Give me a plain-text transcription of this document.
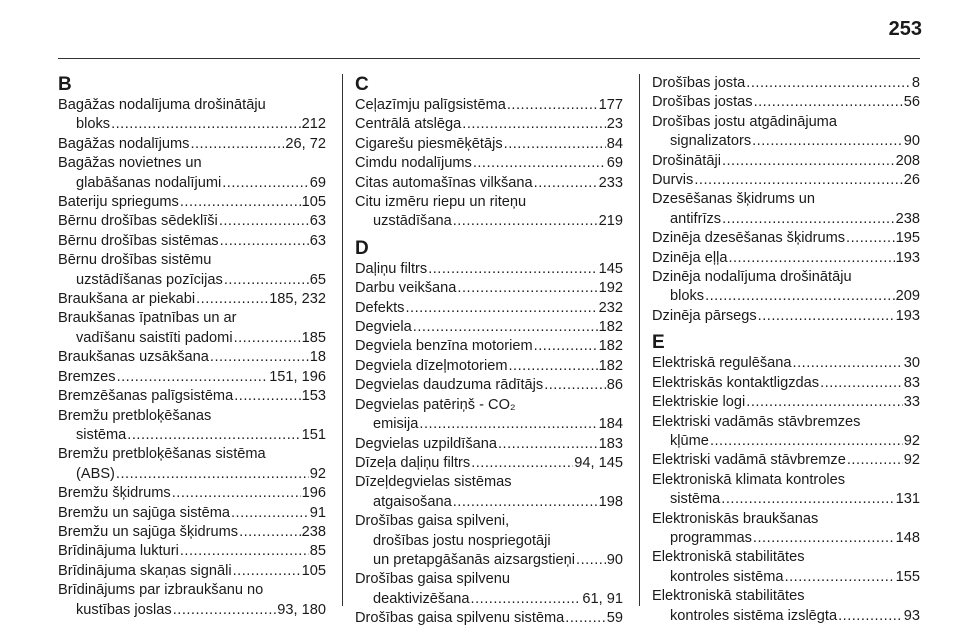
253
B
Bagāžas nodalījuma drošinātāju
bloks .....	212
Bagāžas nodalījums .....	26, 72
Bagāžas novietnes un
glabāšanas nodalījumi .....	69
Bateriju spriegums .....	105
Bērnu drošības sēdeklīši .....	63
Bērnu drošības sistēmas .....	63
Bērnu drošības sistēmu
uzstādīšanas pozīcijas .....	65
Braukšana ar piekabi .....	185, 232
Braukšanas īpatnības un ar
vadīšanu saistīti padomi .....	185
Braukšanas uzsākšana .....	18
Bremzes .....	151, 196
Bremzēšanas palīgsistēma .....	153
Bremžu pretbloķēšanas
sistēma .....	151
Bremžu pretbloķēšanas sistēma
(ABS) .....	92
Bremžu šķidrums .....	196
Bremžu un sajūga sistēma .....	91
Bremžu un sajūga šķidrums .....	238
Brīdinājuma lukturi .....	85
Brīdinājuma skaņas signāli .....	105
Brīdinājums par izbraukšanu no
kustības joslas .....	93, 180
C
Ceļazīmju palīgsistēma .....	177
Centrālā atslēga .....	23
Cigarešu piesmēķētājs .....	84
Cimdu nodalījums .....	69
Citas automašīnas vilkšana .....	233
Citu izmēru riepu un riteņu
uzstādīšana .....	219
D
Daļiņu filtrs .....	145
Darbu veikšana .....	192
Defekts .....	232
Degviela .....	182
Degviela benzīna motoriem .....	182
Degviela dīzeļmotoriem .....	182
Degvielas daudzuma rādītājs .....	86
Degvielas patēriņš - CO₂
emisija .....	184
Degvielas uzpildīšana .....	183
Dīzeļa daļiņu filtrs .....	94, 145
Dīzeļdegvielas sistēmas
atgaisošana .....	198
Drošības gaisa spilveni,
drošības jostu nospriegotāji
un pretapgāšanās aizsargstieņi ..... 90
Drošības gaisa spilvenu
deaktivizēšana .....	61, 91
Drošības gaisa spilvenu sistēma .....	59
Drošības josta .....	8
Drošības jostas .....	56
Drošības jostu atgādinājuma
signalizators .....	90
Drošinātāji .....	208
Durvis .....	26
Dzesēšanas šķidrums un
antifrīzs .....	238
Dzinēja dzesēšanas šķidrums .....	195
Dzinēja eļļa .....	193
Dzinēja nodalījuma drošinātāju
bloks .....	209
Dzinēja pārsegs .....	193
E
Elektriskā regulēšana .....	30
Elektriskās kontaktligzdas .....	83
Elektriskie logi .....	33
Elektriski vadāmās stāvbremzes
kļūme .....	92
Elektriski vadāmā stāvbremze .....	92
Elektroniskā klimata kontroles
sistēma .....	131
Elektroniskās braukšanas
programmas .....	148
Elektroniskā stabilitātes
kontroles sistēma .....	155
Elektroniskā stabilitātes
kontroles sistēma izslēgta .....	93
